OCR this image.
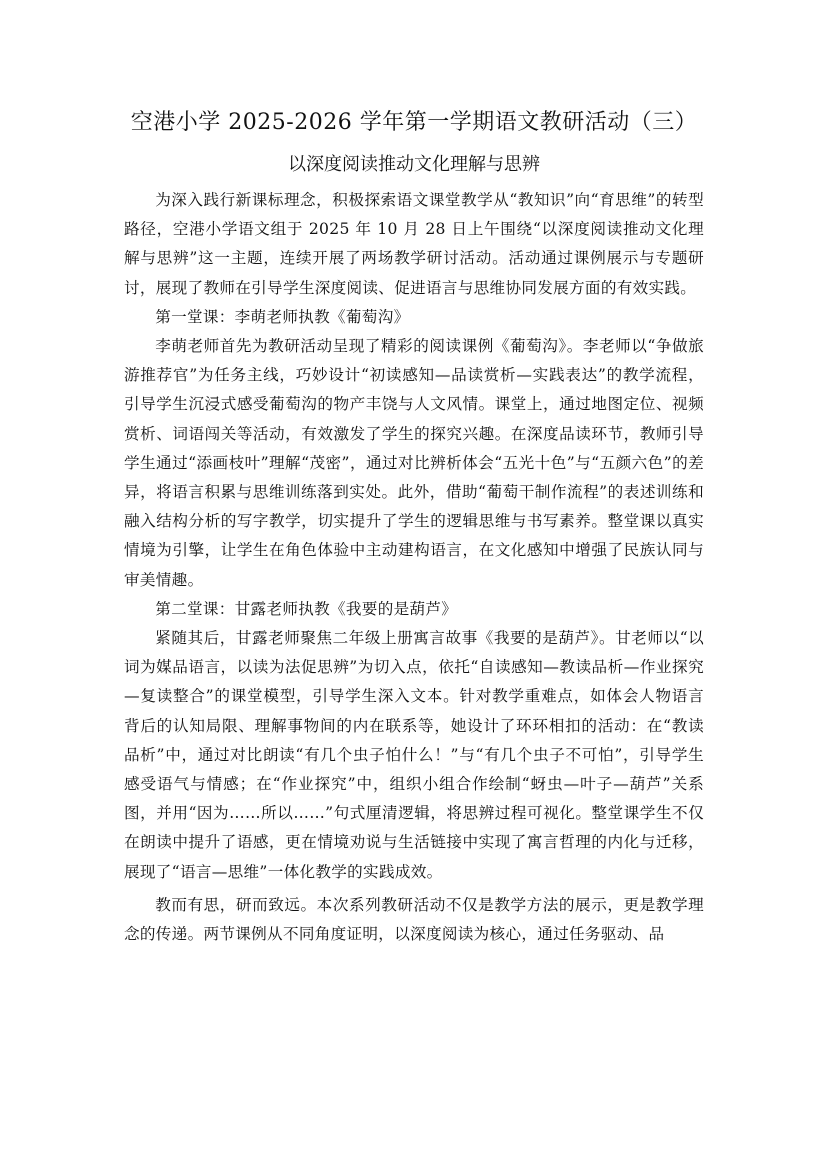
空港小学 2025-2026 学年第一学期语文教研活动（三）
以深度阅读推动文化理解与思辨

为深入践行新课标理念，积极探索语文课堂教学从“教知识”向“育思维”的转型路径，空港小学语文组于 2025 年 10 月 28 日上午围绕“以深度阅读推动文化理解与思辨”这一主题，连续开展了两场教学研讨活动。活动通过课例展示与专题研讨，展现了教师在引导学生深度阅读、促进语言与思维协同发展方面的有效实践。

第一堂课：李萌老师执教《葡萄沟》

李萌老师首先为教研活动呈现了精彩的阅读课例《葡萄沟》。李老师以“争做旅游推荐官”为任务主线，巧妙设计“初读感知—品读赏析—实践表达”的教学流程，引导学生沉浸式感受葡萄沟的物产丰饶与人文风情。课堂上，通过地图定位、视频赏析、词语闯关等活动，有效激发了学生的探究兴趣。在深度品读环节，教师引导学生通过“添画枝叶”理解“茂密”，通过对比辨析体会“五光十色”与“五颜六色”的差异，将语言积累与思维训练落到实处。此外，借助“葡萄干制作流程”的表述训练和融入结构分析的写字教学，切实提升了学生的逻辑思维与书写素养。整堂课以真实情境为引擎，让学生在角色体验中主动建构语言，在文化感知中增强了民族认同与审美情趣。

第二堂课：甘露老师执教《我要的是葫芦》

紧随其后，甘露老师聚焦二年级上册寓言故事《我要的是葫芦》。甘老师以“以词为媒品语言，以读为法促思辨”为切入点，依托“自读感知—教读品析—作业探究—复读整合”的课堂模型，引导学生深入文本。针对教学重难点，如体会人物语言背后的认知局限、理解事物间的内在联系等，她设计了环环相扣的活动：在“教读品析”中，通过对比朗读“有几个虫子怕什么！”与“有几个虫子不可怕”，引导学生感受语气与情感；在“作业探究”中，组织小组合作绘制“蚜虫—叶子—葫芦”关系图，并用“因为……所以……”句式厘清逻辑，将思辨过程可视化。整堂课学生不仅在朗读中提升了语感，更在情境劝说与生活链接中实现了寓言哲理的内化与迁移，展现了“语言—思维”一体化教学的实践成效。

教而有思，研而致远。本次系列教研活动不仅是教学方法的展示，更是教学理念的传递。两节课例从不同角度证明，以深度阅读为核心，通过任务驱动、品
